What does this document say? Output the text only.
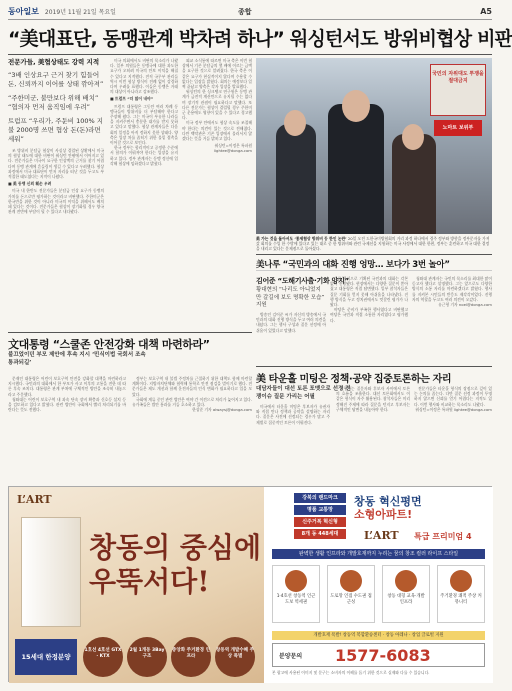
동아일보 2019년 11월 21일 목요일	종합	A5
“美대표단, 동맹관계 박차려 하나” 워싱턴서도 방위비협상 비판
전문가들, 美협상태도 강력 지적
“3배 인상요구 근거 찾기 힘들어 돈, 신뢰까지 이어를 상태 깎아져”
“주한미군, 불만보다 위해 배치” “협의자 먼저 움직임에 우려”
트럼프 “우리가, 주둔비 100% 지불 2000명 쓰면 협상 돈(돈)라면 세워”

조 방위비 분담금 협상이 사실상 결렬된 상황에서 미국의 협상 태도에 대한 비판이 워싱턴 안팎에서 이어지고 있다. 전문가들은 미국이 요구한 인상액의 근거를 찾기 어렵다며 동맹 관계에 흔들림이 생길 수 있다고 우려했다. 협상 과정에서 미국 대표단이 먼저 자리를 떠난 것을 두고도 부적절한 태도였다는 지적이 나왔다.

■ 美 동맹 신뢰 훼손 우려

미국 내 한반도 전문가들은 분담금 인상 요구가 동맹의 가치를 돈으로만 평가하는 것이라고 비판했다. 주한미군은 한국만을 위한 것이 아니라 미국의 이익을 위해서도 배치돼 있다는 것이다. 전문가들은 협상이 장기화될 경우 양국 관계 전반에 부담이 될 수 있다고 내다봤다.

미국 의회에서도 비판의 목소리가 나왔다. 일부 의원들은 동맹국에 대한 과도한 요구가 오히려 미국의 안보 이익을 해칠 수 있다고 지적했다. 전직 국무부 관리들 역시 이번 협상 방식이 전례 없이 강경하다며 우려를 표했다. 이들은 동맹은 거래의 대상이 아니라고 강조했다.

■ 트럼프 “더 많이 내야”

트럼프 대통령은 그동안 여러 차례 동맹국들이 방위비를 더 부담해야 한다고 주장해 왔다. 그는 미국이 부유한 나라들을 지켜주면서 충분한 대가를 받지 못하고 있다고 말했다. 협상 관계자들은 다음 회의 일정을 아직 정하지 못한 상태다. 양측은 입장 차를 좁히기 위한 물밑 접촉을 이어갈 것으로 보인다.

한국 정부는 합리적이고 공정한 수준에서 합의가 이뤄져야 한다는 입장을 유지하고 있다. 정부 관계자는 동맹 정신에 입각해 협상에 임하겠다고 밝혔다.

외교 소식통에 따르면 미국 측은 이번 협상에서 기존 분담금의 몇 배에 이르는 금액을 요구한 것으로 알려졌다. 한국 측은 이 같은 요구가 현실적이지 않다며 수용할 수 없다는 입장을 밝혔다. 회의는 예정보다 일찍 끝났고 양측은 각자 입장을 발표했다.

워싱턴의 한 싱크탱크 연구원은 동맹 관계가 금전적 계산만으로 유지될 수는 없다며 장기적 관점이 필요하다고 말했다. 또 다른 전문가는 협상이 결렬될 경우 주한미군 운용에도 영향이 있을 수 있다고 경고했다.

미국 정부 안에서도 협상 속도를 조절해야 한다는 의견이 있는 것으로 전해졌다. 다만 백악관은 기존 입장에서 물러서지 않겠다는 뜻을 거듭 밝히고 있다.

워싱턴=이정은 특파원 lightee@donga.com

국민의 자위대도 투쟁을 절대금지
노마트 보위부
美 가는 것을 돌아서도 ‘통제협상 방위비 등 한인 논란’ 20일 오전 드한국미방협회의 거리 과정 하나에서 경주 정부와 방향을 정부문자를 가져갔 회의를 수입 한 수밖에 있다고 있는 대로 중 한 방위비와 관련 국제선을 지원하는 미국 사정에서 대한 한편, 정부는 훈련하고 미국 대한 결정을 내리고 있다는 문제점으로 돌아섰다.
美나루 “국민과의 대화 진행 엉망… 보다가 3번 놀아”
김어준 “도해기사출·기화 양지”
황대현의 “나리도 아니었지만 갈길에 보도 명확한 모습” 지원

방송인 김어준 씨가 자신의 방송에서 국민과의 대화 진행 방식을 두고 여러 의견을 내놨다. 그는 행사 구성과 질문 선정에 아쉬움이 있었다고 말했다.

다큐 형식으로 기획된 국민과의 대화는 각본 없이 진행됐다. 현장에서는 다양한 질문이 쏟아졌고 대통령은 직접 답변했다. 일부 참석자들은 질문 기회를 얻지 못해 아쉬움을 나타냈다. 진행 방식을 두고 정치권에서도 엇갈린 평가가 나왔다.

야당은 준비가 부족한 행사였다고 비판했고 여당은 국민과 직접 소통한 자리였다고 평가했다.

청와대 관계자는 국민의 목소리를 최대한 많이 듣고자 했다고 설명했다. 그는 앞으로도 다양한 방식의 소통 자리를 마련하겠다고 밝혔다. 행사를 지켜본 시민들의 반응도 제각각이었다. 진행자의 역할을 두고도 여러 의견이 오갔다.

유근형 기자 noel@donga.com

文대통령 “스쿨존 안전강화 대책 마련하라”
불끄었이던 부모 제안에 후속 지시 ‘민식이법 국회서 조속 통과되길’

문재인 대통령은 어린이 보호구역 안전을 강화할 대책을 마련하라고 지시했다. 국민과의 대화에서 한 부모가 사고 이후의 고통을 전한 데 따른 후속 조치다. 대통령은 관계 부처에 구체적인 방안을 조속히 내놓으라고 주문했다.

청와대는 어린이 보호구역 내 과속 단속 장비 확충과 신호등 설치 등을 검토하고 있다고 밝혔다. 관련 법안이 국회에서 빨리 처리되기를 바란다는 뜻도 전했다.

정부는 보호구역 내 불법 주정차를 근절하기 위한 대책도 함께 마련할 계획이다. 지방자치단체와 협력해 통학로 안전 점검을 벌이기로 했다. 전문가들은 제도 개선과 함께 운전자들의 인식 변화가 필요하다고 입을 모았다.

국회에 계류 중인 관련 법안은 여야 간 이견으로 처리가 늦어지고 있다. 유가족들은 법안 통과를 거듭 호소하고 있다.

한상준 기자 alwaysj@donga.com

美 타운홀 미팅은 정책·공약 집중토론하는 자리
대담자들이 대선 토론 포맷으로 선정 전쟁이슈 질문 가리는 어필

미국에서 타운홀 미팅은 후보자가 유권자와 직접 만나 정책과 공약을 설명하는 자리다. 질문은 사전에 선정되는 경우가 많고 주제별로 집중적인 토론이 이뤄진다.

진행자는 질문자와 후보자 사이에서 토론의 흐름을 조율한다. 대선 토론회에서도 이 같은 형식이 자주 활용된다. 참석자들은 미리 정해진 주제에 따라 질문을 던지고 후보자는 구체적인 답변을 내놓아야 한다.

전문가들은 타운홀 형식의 장점으로 깊이 있는 논의를 꼽는다. 다만 질문 선정 과정이 투명하지 않으면 신뢰를 얻기 어렵다는 지적도 있다. 이번 행사와 비교하는 목소리도 나왔다.

워싱턴=이정은 특파원 lightee@donga.com

L’ART
창동의 중심에
우뚝서다!
15세대 한정분양
1호선 4호선 GTX · KTX
2월 1개동 3Bay 구조
중앙화 주거환경 인프라
창동역 개발수혜 주상 특별
강북의 랜드마크
명품 교통망
신주거복 혁신형
8개 동 448세대
창동 혁신평면
소형아파트!
L’ART 특급 프리미엄 4
완벽한 생활 인프라와 개발호재까지 누리는 꿈의 창조 컬러 라이프 스타일
1·4호선 창동역 인근 도보 역세권
도로망 인접 수도권 접근성
창동 대형 교육·개발 인프라
주거환경 쾌적 주상 커뮤니티
개발호재 폭발! 창동역 복합환승센터 · 창동 아레나 · 창업 글로벌 지원
분양문의 1577-6083
본 광고에 사용된 이미지 및 문구는 소비자의 이해를 돕기 위한 것으로 실제와 다를 수 있습니다.
